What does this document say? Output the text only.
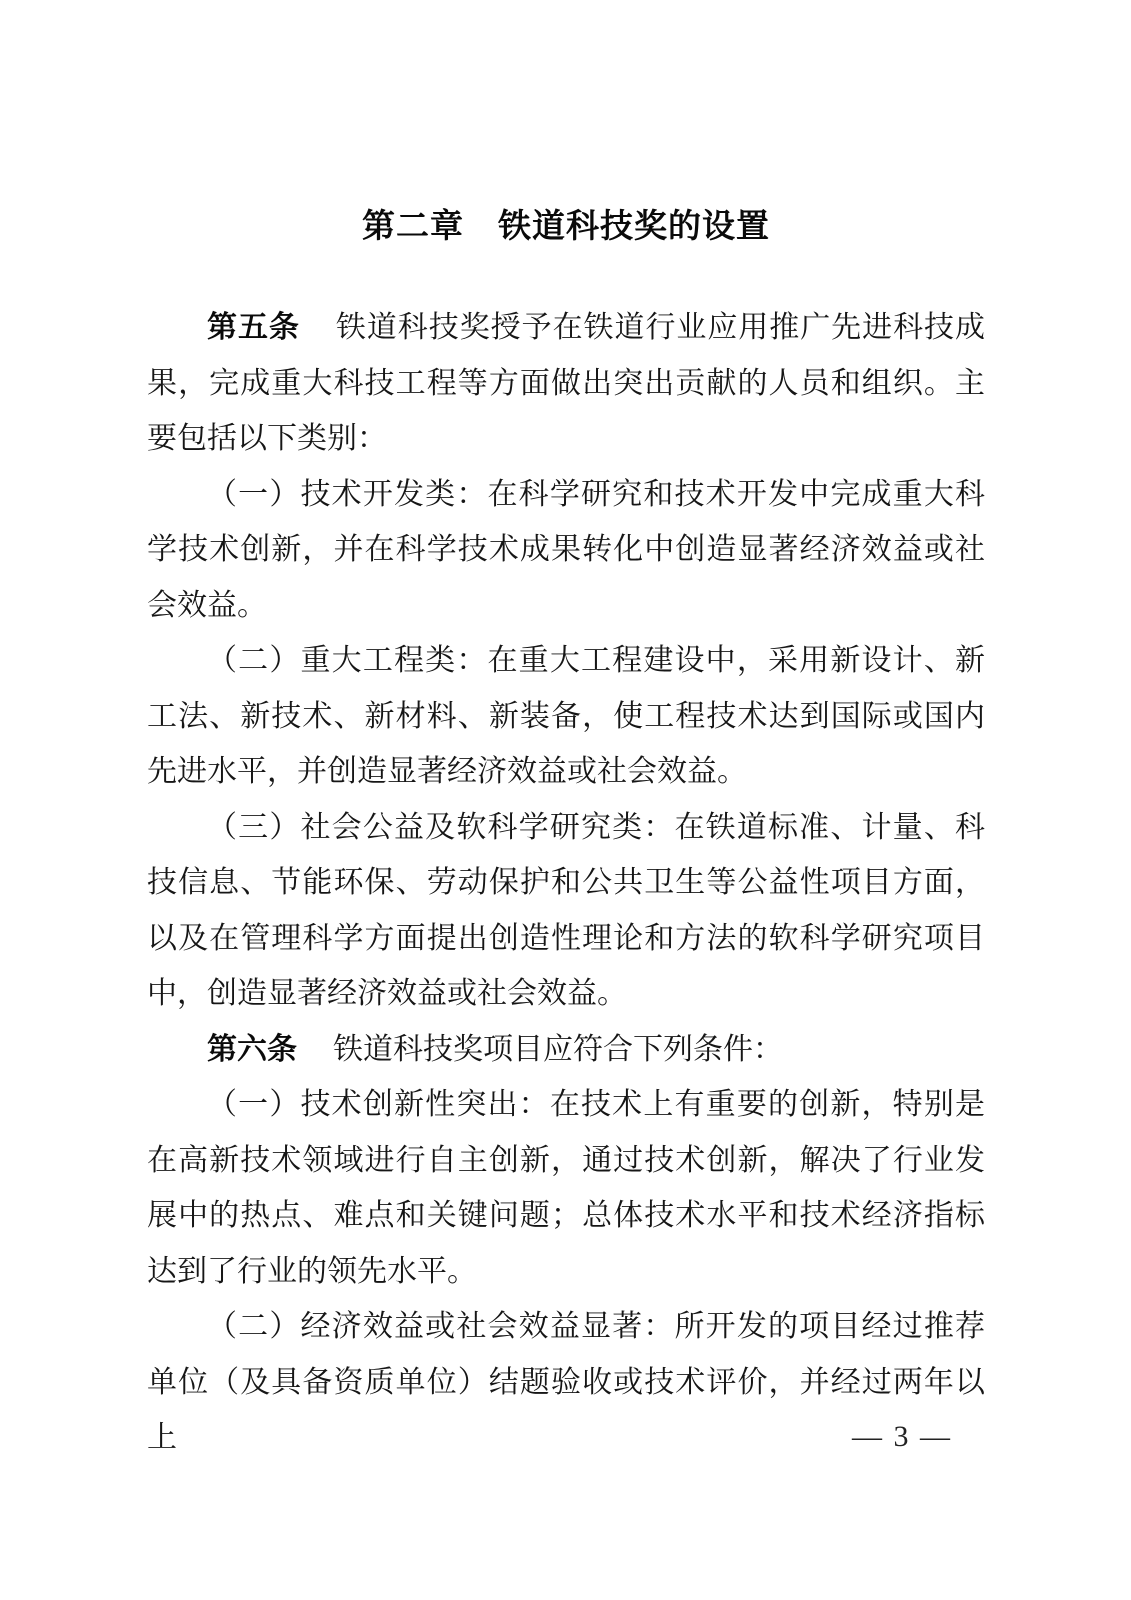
第二章　铁道科技奖的设置

第五条 铁道科技奖授予在铁道行业应用推广先进科技成果，完成重大科技工程等方面做出突出贡献的人员和组织。主要包括以下类别：

（一）技术开发类：在科学研究和技术开发中完成重大科学技术创新，并在科学技术成果转化中创造显著经济效益或社会效益。

（二）重大工程类：在重大工程建设中，采用新设计、新工法、新技术、新材料、新装备，使工程技术达到国际或国内先进水平，并创造显著经济效益或社会效益。

（三）社会公益及软科学研究类：在铁道标准、计量、科技信息、节能环保、劳动保护和公共卫生等公益性项目方面，以及在管理科学方面提出创造性理论和方法的软科学研究项目中，创造显著经济效益或社会效益。

第六条 铁道科技奖项目应符合下列条件：

（一）技术创新性突出：在技术上有重要的创新，特别是在高新技术领域进行自主创新，通过技术创新，解决了行业发展中的热点、难点和关键问题；总体技术水平和技术经济指标达到了行业的领先水平。

（二）经济效益或社会效益显著：所开发的项目经过推荐单位（及具备资质单位）结题验收或技术评价，并经过两年以上	— 3 —
